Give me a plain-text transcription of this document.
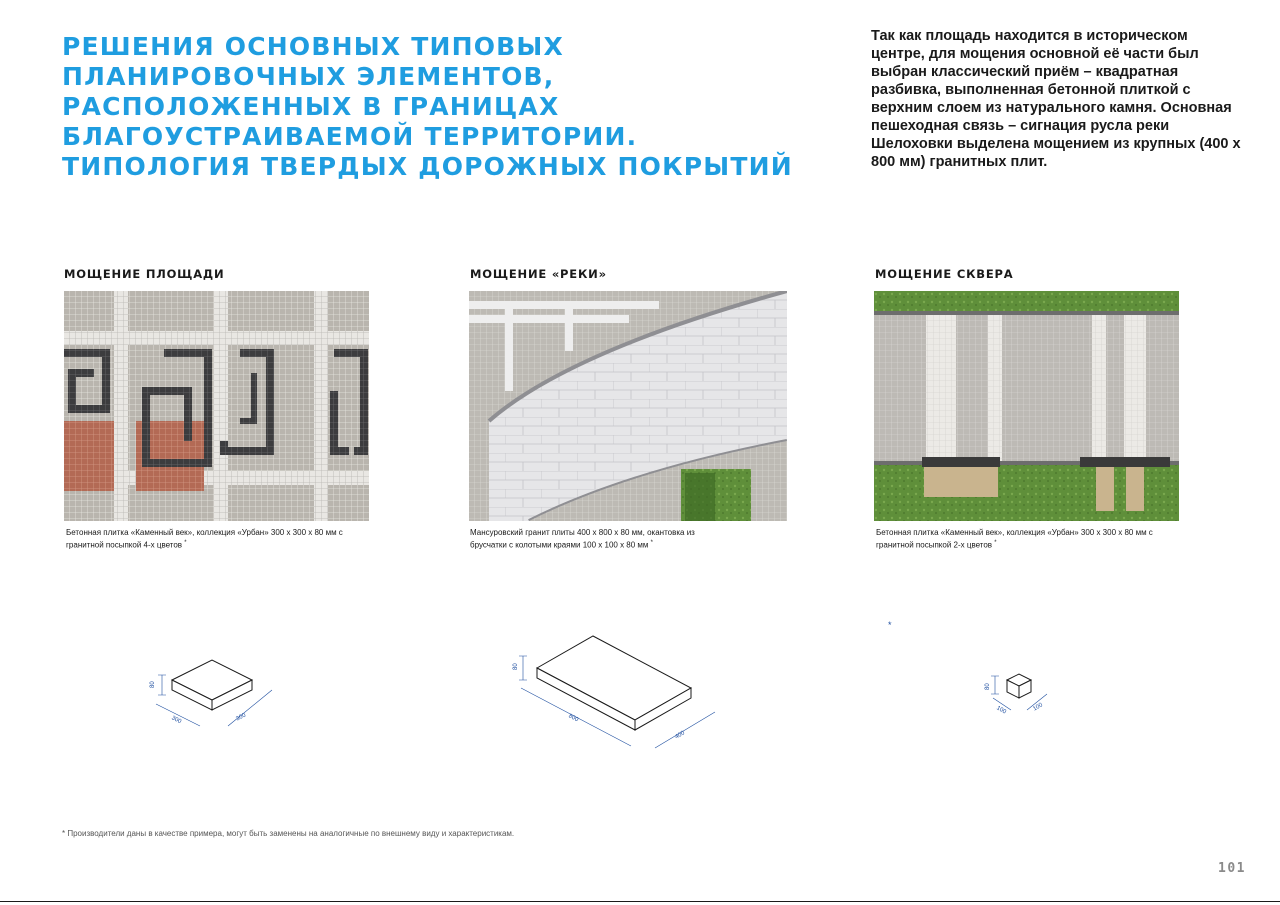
РЕШЕНИЯ ОСНОВНЫХ ТИПОВЫХ ПЛАНИРОВОЧНЫХ ЭЛЕМЕНТОВ, РАСПОЛОЖЕННЫХ В ГРАНИЦАХ БЛАГОУСТРАИВАЕМОЙ ТЕРРИТОРИИ. ТИПОЛОГИЯ ТВЕРДЫХ ДОРОЖНЫХ ПОКРЫТИЙ

Так как площадь находится в историческом центре, для мощения основной её части был выбран классический приём – квадратная разбивка, выполненная бетонной плиткой с верхним слоем из натурального камня. Основная пешеходная связь – сигнация русла реки Шелоховки выделена мощением из крупных (400 х 800 мм) гранитных плит.

МОЩЕНИЕ ПЛОЩАДИ

Бетонная плитка «Каменный век», коллекция «Урбан» 300 х 300 х 80 мм с
гранитной посыпкой 4-х цветов *

МОЩЕНИЕ «РЕКИ»

Мансуровский гранит плиты 400 х 800 х 80 мм, окантовка из
брусчатки с колотыми краями 100 х 100 х 80 мм *

МОЩЕНИЕ СКВЕРА

Бетонная плитка «Каменный век», коллекция «Урбан» 300 х 300 х 80 мм с
гранитной посыпкой 2-х цветов *

*
80
300	300
80
800
400
80
100	100

* Производители даны в качестве примера, могут быть заменены на аналогичные по внешнему виду и характеристикам.

101
